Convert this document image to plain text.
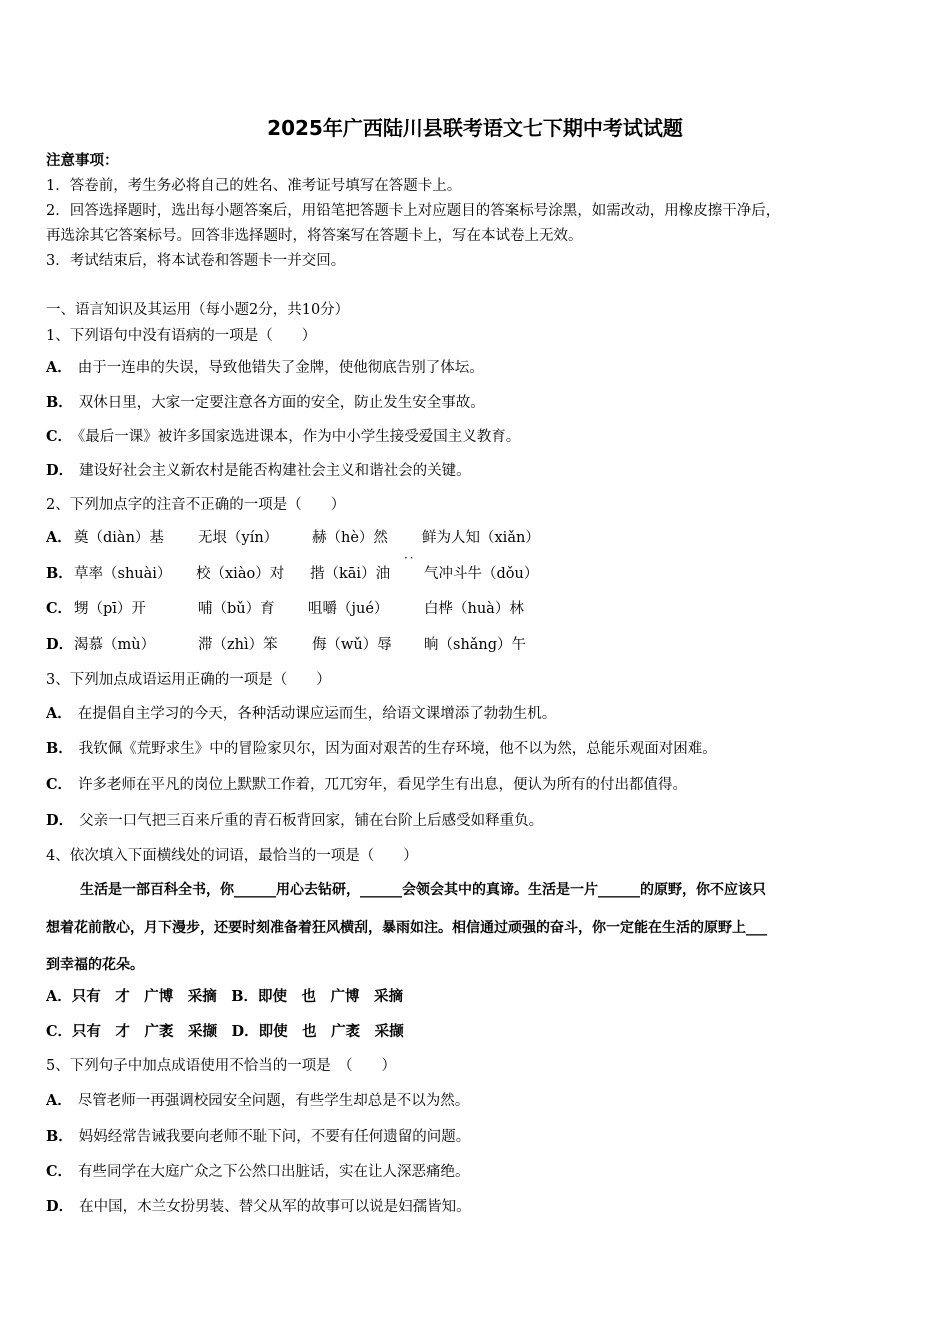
2025年广西陆川县联考语文七下期中考试试题
注意事项：
1．答卷前，考生务必将自己的姓名、准考证号填写在答题卡上。
2．回答选择题时，选出每小题答案后，用铅笔把答题卡上对应题目的答案标号涂黑，如需改动，用橡皮擦干净后，
再选涂其它答案标号。回答非选择题时，将答案写在答题卡上，写在本试卷上无效。
3．考试结束后，将本试卷和答题卡一并交回。
一、语言知识及其运用（每小题2分，共10分）
1、下列语句中没有语病的一项是（　　）
A． 由于一连串的失误，导致他错失了金牌，使他彻底告别了体坛。
B． 双休日里，大家一定要注意各方面的安全，防止发生安全事故。
C． 《最后一课》被许多国家选进课本，作为中小学生接受爱国主义教育。
D． 建设好社会主义新农村是能否构建社会主义和谐社会的关键。
2、下列加点字的注音不正确的一项是（　　）
A． 奠（diàn）基 无垠（yín） 赫（hè）然 鲜为人知（xiǎn）
B． 草率（shuài） 校（xiào）对 揩（kāi）油 气冲斗牛（dǒu）
C． 甥（pī）开	哺（bǔ）育 咀嚼（jué） 白桦（huà）林
D． 渴慕（mù）	滞（zhì）笨 侮（wǔ）辱 晌（shǎng）午
3、下列加点成语运用正确的一项是（　　）
A． 在提倡自主学习的今天，各种活动课应运而生，给语文课增添了勃勃生机。
B． 我钦佩《荒野求生》中的冒险家贝尔，因为面对艰苦的生存环境，他不以为然，总能乐观面对困难。
C． 许多老师在平凡的岗位上默默工作着，兀兀穷年，看见学生有出息，便认为所有的付出都值得。
D． 父亲一口气把三百来斤重的青石板背回家，铺在台阶上后感受如释重负。
4、依次填入下面横线处的词语，最恰当的一项是（　　）
生活是一部百科全书，你______用心去钻研，______会领会其中的真谛。生活是一片______的原野，你不应该只
想着花前散心，月下漫步，还要时刻准备着狂风横刮，暴雨如注。相信通过顽强的奋斗，你一定能在生活的原野上___
到幸福的花朵。
A．只有　才　广博　采摘　B．即使　也　广博　采摘
C．只有　才　广袤　采撷　D．即使　也　广袤　采撷
5、下列句子中加点成语使用不恰当的一项是　（　　）
A． 尽管老师一再强调校园安全问题，有些学生却总是不以为然。
B． 妈妈经常告诫我要向老师不耻下问，不要有任何遗留的问题。
C． 有些同学在大庭广众之下公然口出脏话，实在让人深恶痛绝。
D． 在中国，木兰女扮男装、替父从军的故事可以说是妇孺皆知。
